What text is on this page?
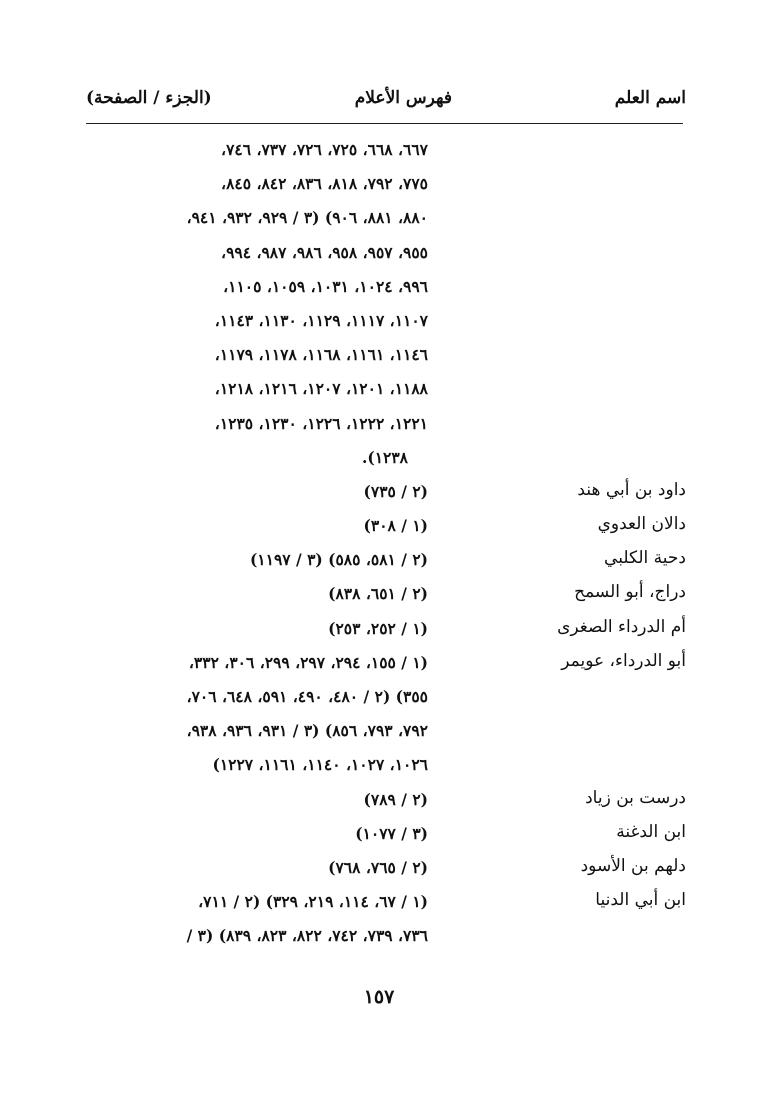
اسم العلم
فهرس الأعلام
(الجزء / الصفحة)
٦٦٧، ٦٦٨، ٧٢٥، ٧٢٦، ٧٣٧، ٧٤٦،
٧٧٥، ٧٩٢، ٨١٨، ٨٣٦، ٨٤٢، ٨٤٥،
٨٨٠، ٨٨١، ٩٠٦) (٣ / ٩٢٩، ٩٣٢، ٩٤١،
٩٥٥، ٩٥٧، ٩٥٨، ٩٨٦، ٩٨٧، ٩٩٤،
٩٩٦، ١٠٢٤، ١٠٣١، ١٠٥٩، ١١٠٥،
١١٠٧، ١١١٧، ١١٢٩، ١١٣٠، ١١٤٣،
١١٤٦، ١١٦١، ١١٦٨، ١١٧٨، ١١٧٩،
١١٨٨، ١٢٠١، ١٢٠٧، ١٢١٦، ١٢١٨،
١٢٢١، ١٢٢٢، ١٢٢٦، ١٢٣٠، ١٢٣٥،
١٢٣٨).
داود بن أبي هند
(٢ / ٧٣٥)
دالان العدوي
(١ / ٣٠٨)
دحية الكلبي
(٢ / ٥٨١، ٥٨٥) (٣ / ١١٩٧)
دراج، أبو السمح
(٢ / ٦٥١، ٨٣٨)
أم الدرداء الصغرى
(١ / ٢٥٢، ٢٥٣)
أبو الدرداء، عويمر
(١ / ١٥٥، ٢٩٤، ٢٩٧، ٢٩٩، ٣٠٦، ٣٣٢،
٣٥٥) (٢ / ٤٨٠، ٤٩٠، ٥٩١، ٦٤٨، ٧٠٦،
٧٩٢، ٧٩٣، ٨٥٦) (٣ / ٩٣١، ٩٣٦، ٩٣٨،
١٠٢٦، ١٠٢٧، ١١٤٠، ١١٦١، ١٢٢٧)
درست بن زياد
(٢ / ٧٨٩)
ابن الدغنة
(٣ / ١٠٧٧)
دلهم بن الأسود
(٢ / ٧٦٥، ٧٦٨)
ابن أبي الدنيا
(١ / ٦٧، ١١٤، ٢١٩، ٣٢٩) (٢ / ٧١١،
٧٣٦، ٧٣٩، ٧٤٢، ٨٢٢، ٨٢٣، ٨٣٩) (٣ /
١٥٧
